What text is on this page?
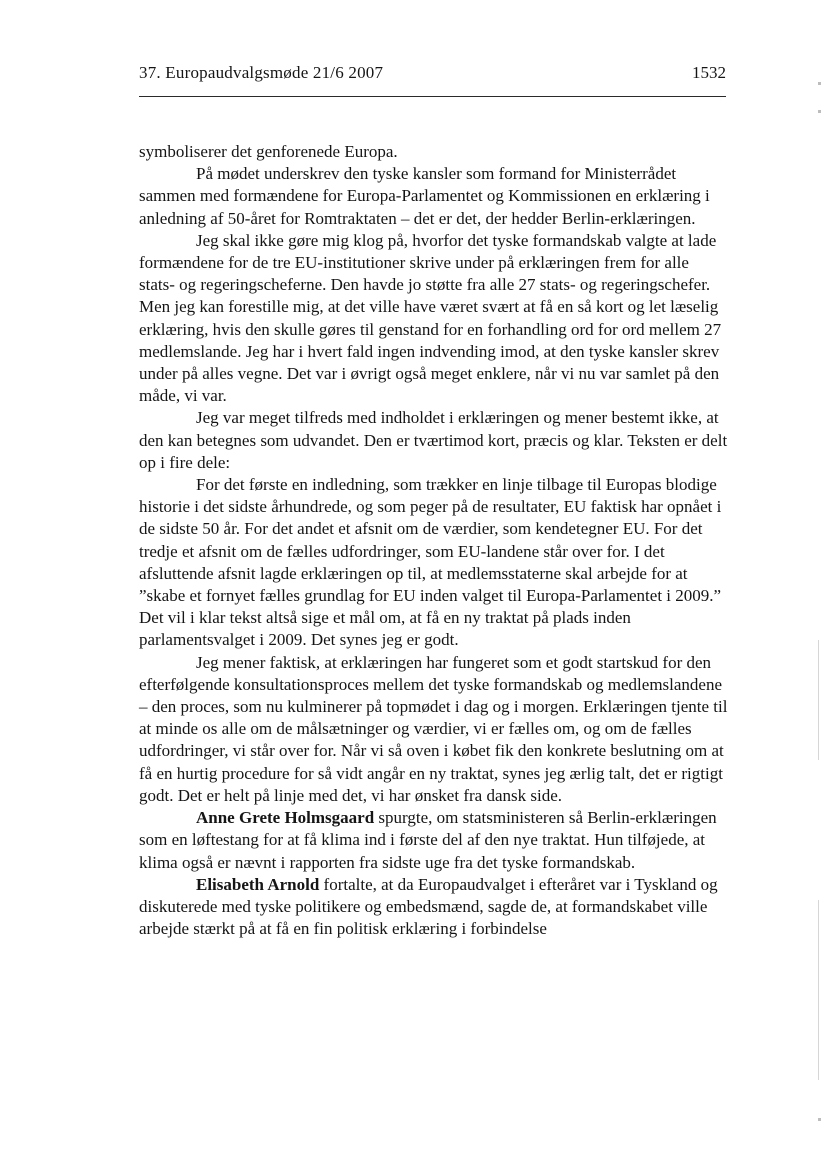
37. Europaudvalgsmøde 21/6 2007	1532

symboliserer det genforenede Europa.

På mødet underskrev den tyske kansler som formand for Ministerrådet sammen med formændene for Europa-Parlamentet og Kommissionen en erklæring i anledning af 50-året for Romtraktaten – det er det, der hedder Berlin-erklæringen.

Jeg skal ikke gøre mig klog på, hvorfor det tyske formandskab valgte at lade formændene for de tre EU-institutioner skrive under på erklæringen frem for alle stats- og regeringscheferne. Den havde jo støtte fra alle 27 stats- og regeringschefer. Men jeg kan forestille mig, at det ville have været svært at få en så kort og let læselig erklæring, hvis den skulle gøres til genstand for en forhandling ord for ord mellem 27 medlemslande. Jeg har i hvert fald ingen indvending imod, at den tyske kansler skrev under på alles vegne. Det var i øvrigt også meget enklere, når vi nu var samlet på den måde, vi var.

Jeg var meget tilfreds med indholdet i erklæringen og mener bestemt ikke, at den kan betegnes som udvandet. Den er tværtimod kort, præcis og klar. Teksten er delt op i fire dele:

For det første en indledning, som trækker en linje tilbage til Europas blodige historie i det sidste århundrede, og som peger på de resultater, EU faktisk har opnået i de sidste 50 år. For det andet et afsnit om de værdier, som kendetegner EU. For det tredje et afsnit om de fælles udfordringer, som EU-landene står over for. I det afsluttende afsnit lagde erklæringen op til, at medlemsstaterne skal arbejde for at ”skabe et fornyet fælles grundlag for EU inden valget til Europa-Parlamentet i 2009.” Det vil i klar tekst altså sige et mål om, at få en ny traktat på plads inden parlamentsvalget i 2009. Det synes jeg er godt.

Jeg mener faktisk, at erklæringen har fungeret som et godt startskud for den efterfølgende konsultationsproces mellem det tyske formandskab og medlemslandene – den proces, som nu kulminerer på topmødet i dag og i morgen. Erklæringen tjente til at minde os alle om de målsætninger og værdier, vi er fælles om, og om de fælles udfordringer, vi står over for. Når vi så oven i købet fik den konkrete beslutning om at få en hurtig procedure for så vidt angår en ny traktat, synes jeg ærlig talt, det er rigtigt godt. Det er helt på linje med det, vi har ønsket fra dansk side.

Anne Grete Holmsgaard spurgte, om statsministeren så Berlin-erklæringen som en løftestang for at få klima ind i første del af den nye traktat. Hun tilføjede, at klima også er nævnt i rapporten fra sidste uge fra det tyske formandskab.

Elisabeth Arnold fortalte, at da Europaudvalget i efteråret var i Tyskland og diskuterede med tyske politikere og embedsmænd, sagde de, at formandskabet ville arbejde stærkt på at få en fin politisk erklæring i forbindelse
